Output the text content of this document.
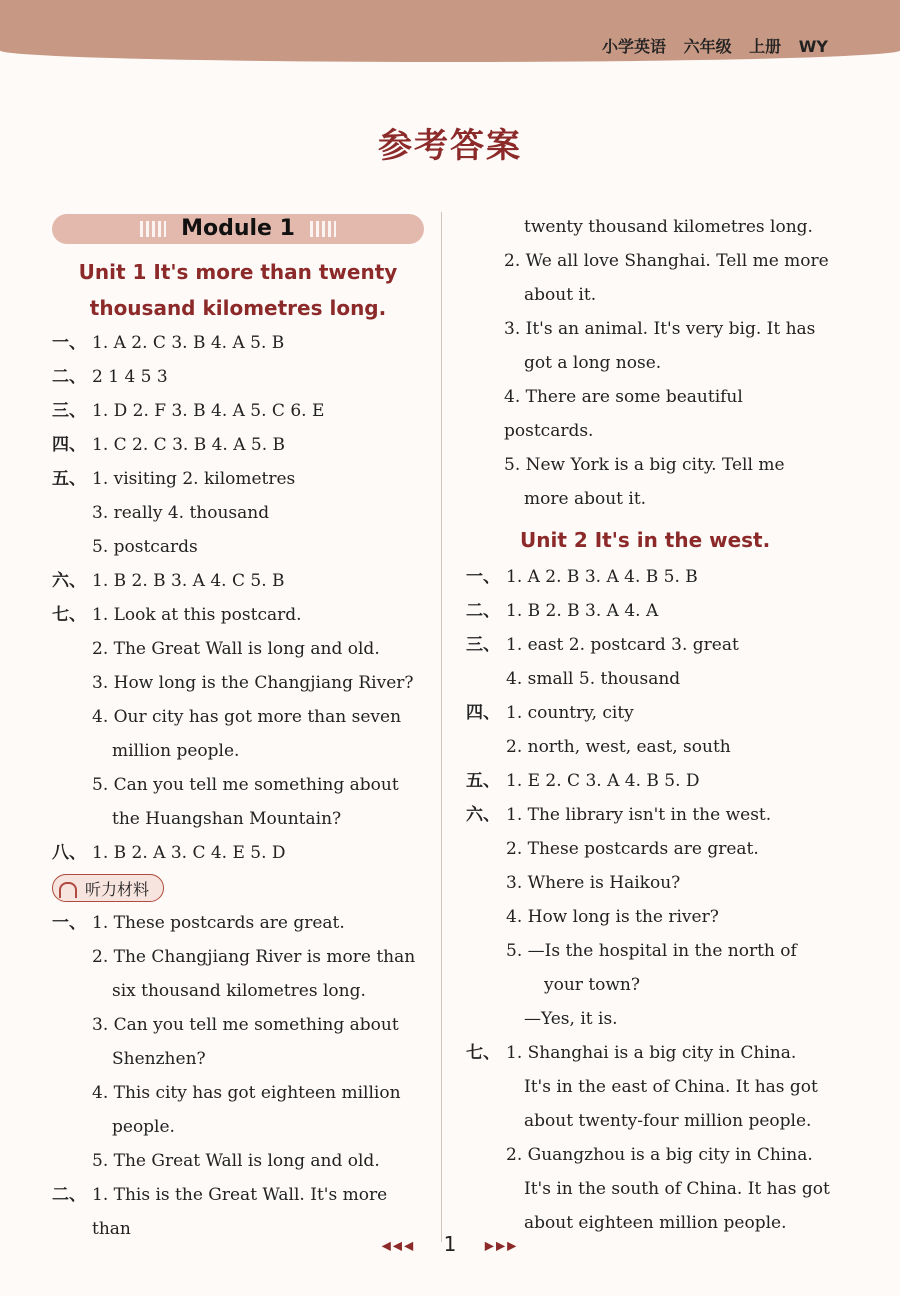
小学英语 六年级 上册 WY
参考答案
Module 1
Unit 1 It's more than twenty
thousand kilometres long.
一、 1. A 2. C 3. B 4. A 5. B
二、 2 1 4 5 3
三、 1. D 2. F 3. B 4. A 5. C 6. E
四、 1. C 2. C 3. B 4. A 5. B
五、 1. visiting 2. kilometres
3. really 4. thousand
5. postcards
六、 1. B 2. B 3. A 4. C 5. B
七、 1. Look at this postcard.
2. The Great Wall is long and old.
3. How long is the Changjiang River?
4. Our city has got more than seven
million people.
5. Can you tell me something about
the Huangshan Mountain?
八、 1. B 2. A 3. C 4. E 5. D
听力材料
一、 1. These postcards are great.
2. The Changjiang River is more than
six thousand kilometres long.
3. Can you tell me something about
Shenzhen?
4. This city has got eighteen million
people.
5. The Great Wall is long and old.
二、 1. This is the Great Wall. It's more than
twenty thousand kilometres long.
2. We all love Shanghai. Tell me more
about it.
3. It's an animal. It's very big. It has
got a long nose.
4. There are some beautiful postcards.
5. New York is a big city. Tell me
more about it.
Unit 2 It's in the west.
一、 1. A 2. B 3. A 4. B 5. B
二、 1. B 2. B 3. A 4. A
三、 1. east 2. postcard 3. great
4. small 5. thousand
四、 1. country, city
2. north, west, east, south
五、 1. E 2. C 3. A 4. B 5. D
六、 1. The library isn't in the west.
2. These postcards are great.
3. Where is Haikou?
4. How long is the river?
5. —Is the hospital in the north of
your town?
—Yes, it is.
七、 1. Shanghai is a big city in China.
It's in the east of China. It has got
about twenty-four million people.
2. Guangzhou is a big city in China.
It's in the south of China. It has got
about eighteen million people.
◀◀◀ 1 ▶▶▶
